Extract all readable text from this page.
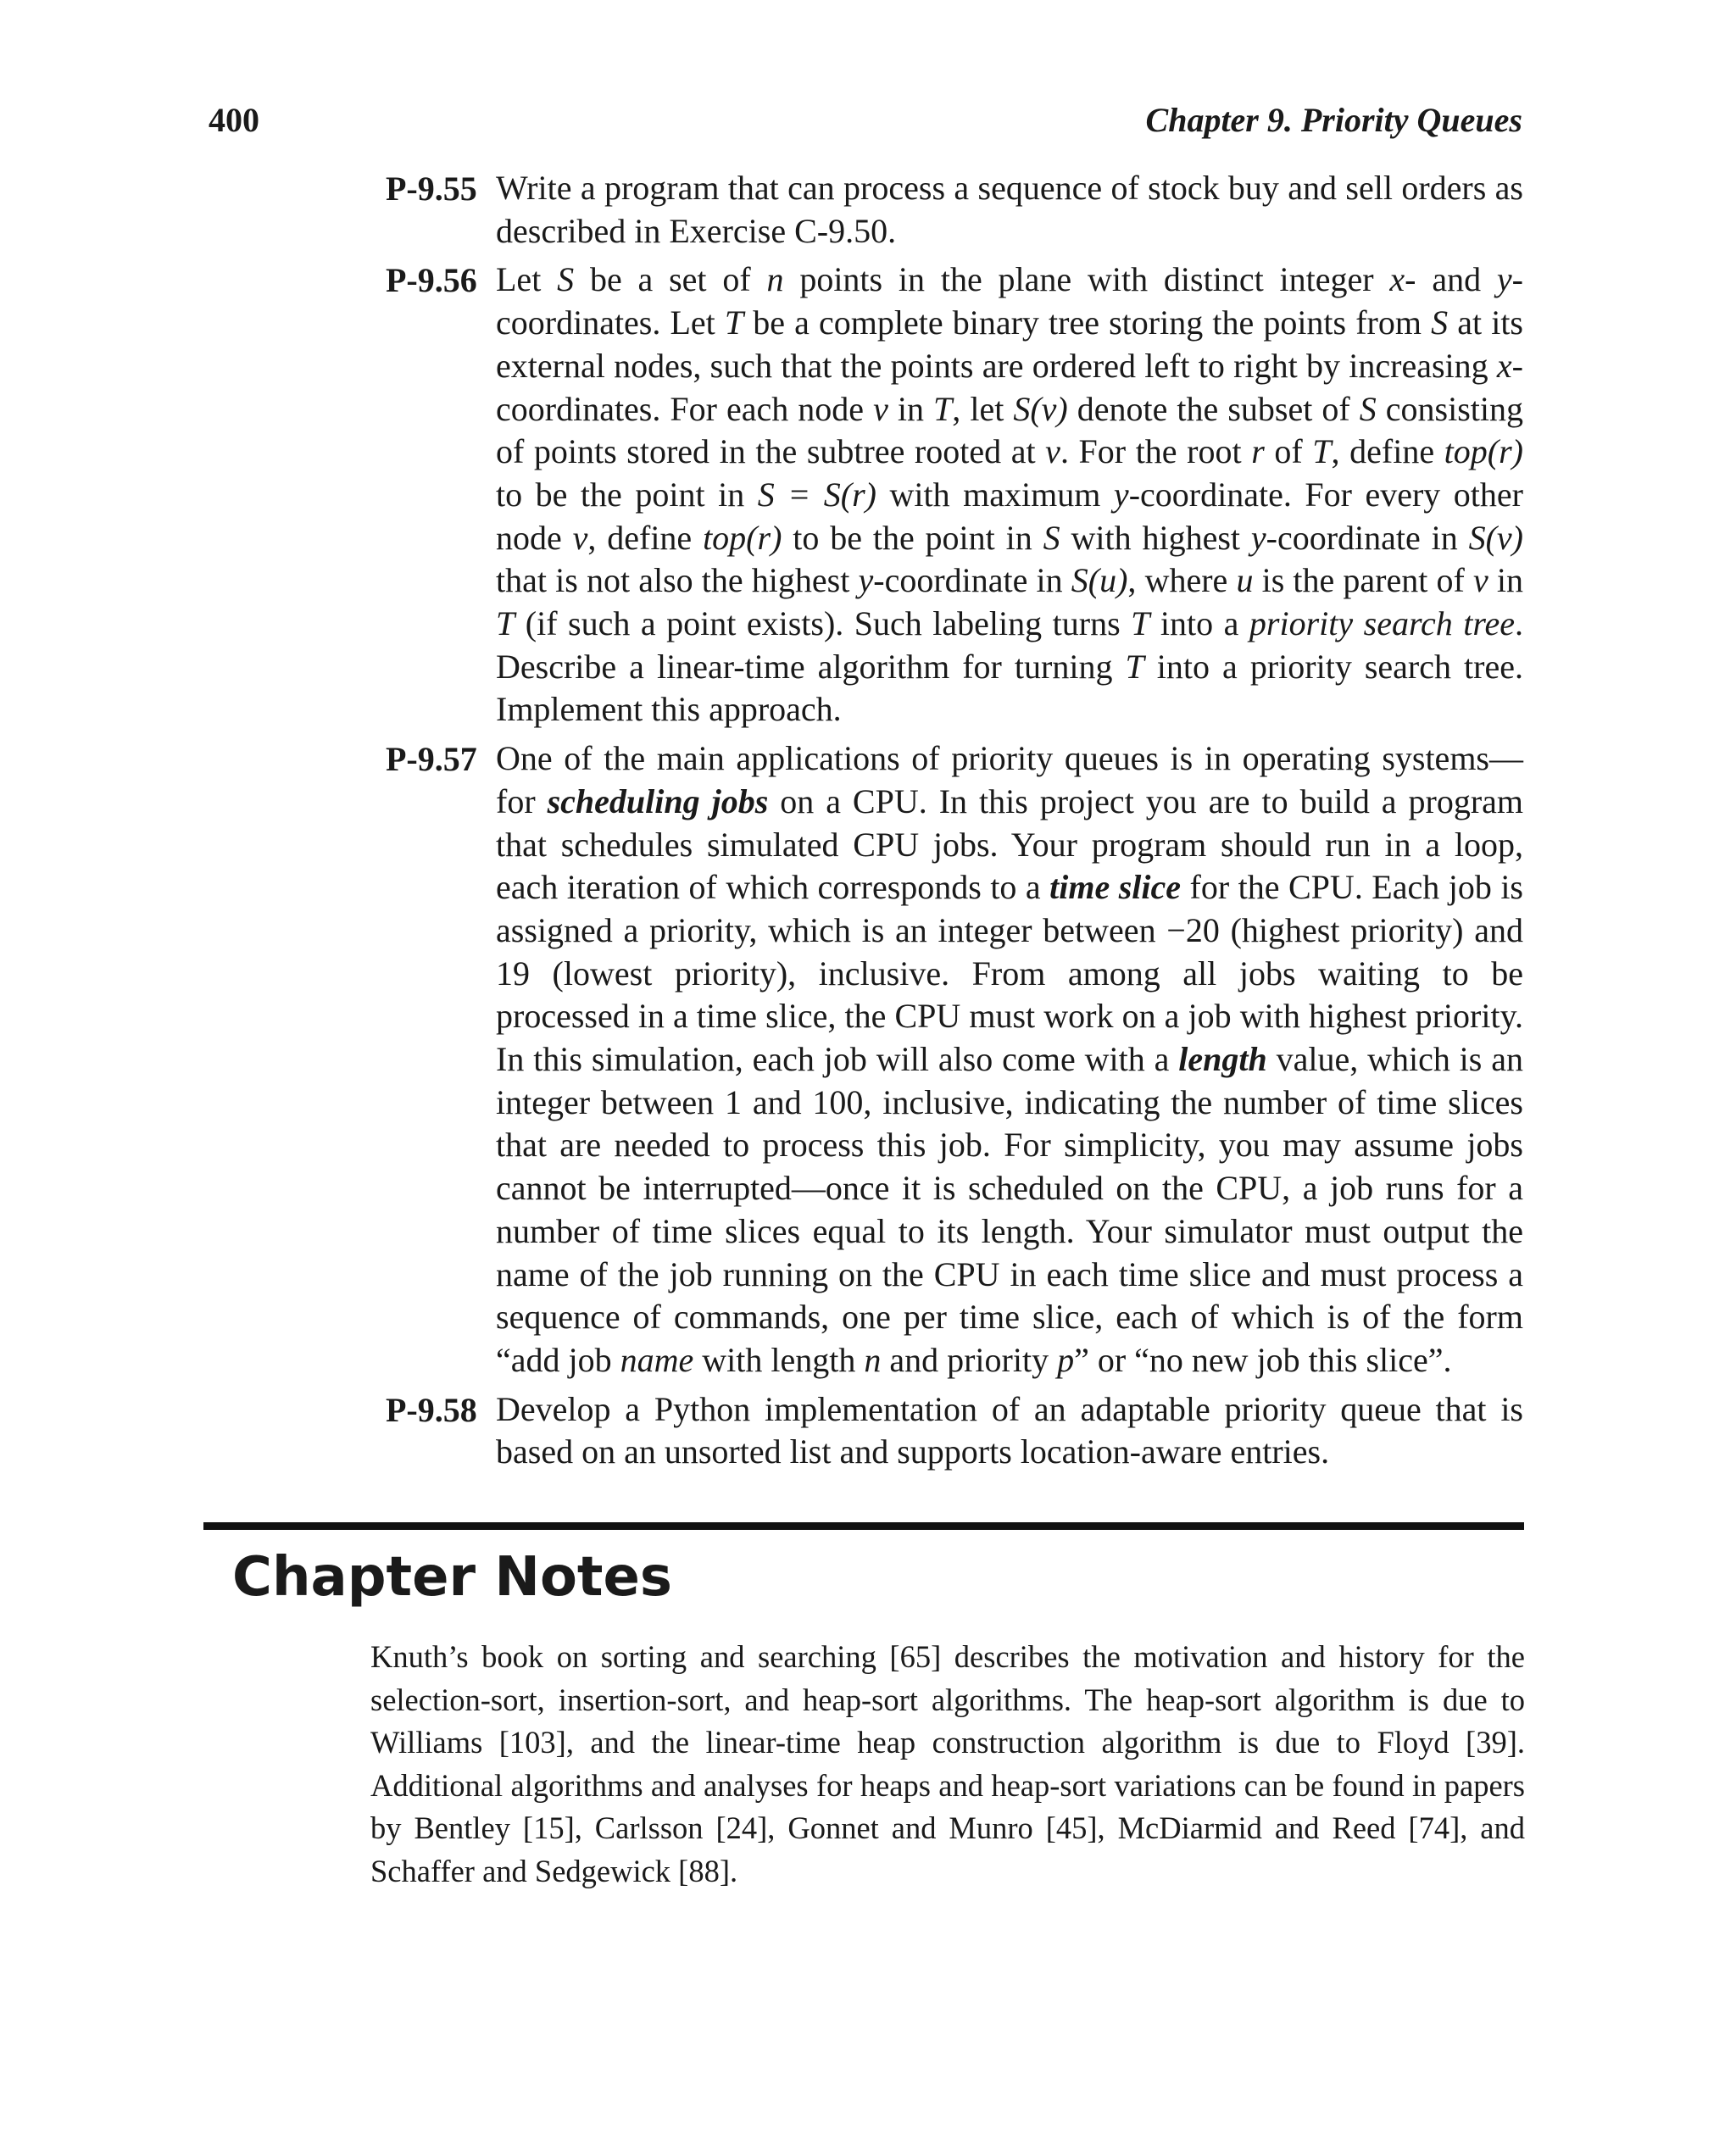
400	Chapter 9. Priority Queues
P-9.55 Write a program that can process a sequence of stock buy and sell orders as described in Exercise C-9.50.
P-9.56 Let S be a set of n points in the plane with distinct integer x- and y-coordinates. Let T be a complete binary tree storing the points from S at its external nodes, such that the points are ordered left to right by increasing x-coordinates. For each node v in T, let S(v) denote the subset of S consisting of points stored in the subtree rooted at v. For the root r of T, define top(r) to be the point in S = S(r) with maximum y-coordinate. For every other node v, define top(r) to be the point in S with highest y-coordinate in S(v) that is not also the highest y-coordinate in S(u), where u is the parent of v in T (if such a point exists). Such labeling turns T into a priority search tree. Describe a linear-time algorithm for turning T into a priority search tree. Implement this approach.
P-9.57 One of the main applications of priority queues is in operating systems—for scheduling jobs on a CPU. In this project you are to build a program that schedules simulated CPU jobs. Your program should run in a loop, each iteration of which corresponds to a time slice for the CPU. Each job is assigned a priority, which is an integer between −20 (highest priority) and 19 (lowest priority), inclusive. From among all jobs waiting to be processed in a time slice, the CPU must work on a job with highest priority. In this simulation, each job will also come with a length value, which is an integer between 1 and 100, inclusive, indicating the number of time slices that are needed to process this job. For simplicity, you may assume jobs cannot be interrupted—once it is scheduled on the CPU, a job runs for a number of time slices equal to its length. Your simulator must output the name of the job running on the CPU in each time slice and must process a sequence of commands, one per time slice, each of which is of the form “add job name with length n and priority p” or “no new job this slice”.
P-9.58 Develop a Python implementation of an adaptable priority queue that is based on an unsorted list and supports location-aware entries.
Chapter Notes
Knuth’s book on sorting and searching [65] describes the motivation and history for the selection-sort, insertion-sort, and heap-sort algorithms. The heap-sort algorithm is due to Williams [103], and the linear-time heap construction algorithm is due to Floyd [39]. Additional algorithms and analyses for heaps and heap-sort variations can be found in papers by Bentley [15], Carlsson [24], Gonnet and Munro [45], McDiarmid and Reed [74], and Schaffer and Sedgewick [88].
